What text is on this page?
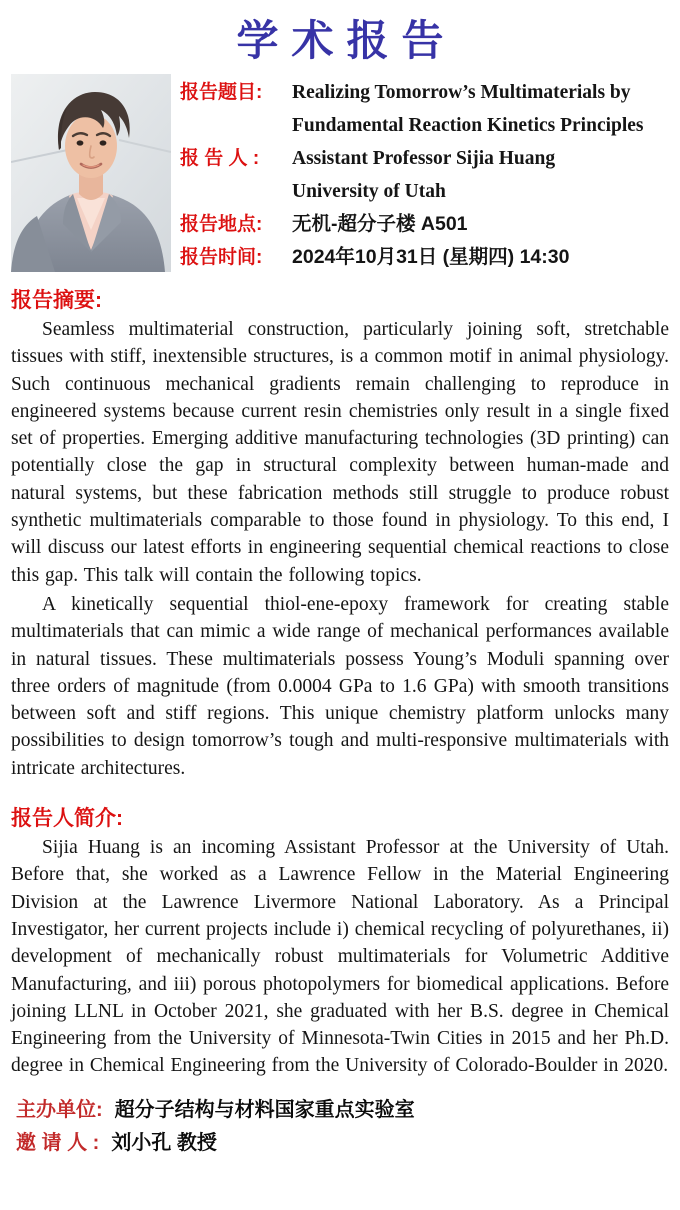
学术报告
报告题目:	Realizing Tomorrow’s Multimaterials by
Fundamental Reaction Kinetics Principles
报 告 人 :	Assistant Professor Sijia Huang
University of Utah
报告地点:	无机-超分子楼 A501
报告时间:	2024年10月31日 (星期四) 14:30
报告摘要:

Seamless multimaterial construction, particularly joining soft, stretchable tissues with stiff, inextensible structures, is a common motif in animal physiology. Such continuous mechanical gradients remain challenging to reproduce in engineered systems because current resin chemistries only result in a single fixed set of properties. Emerging additive manufacturing technologies (3D printing) can potentially close the gap in structural complexity between human-made and natural systems, but these fabrication methods still struggle to produce robust synthetic multimaterials comparable to those found in physiology. To this end, I will discuss our latest efforts in engineering sequential chemical reactions to close this gap. This talk will contain the following topics.

A kinetically sequential thiol-ene-epoxy framework for creating stable multimaterials that can mimic a wide range of mechanical performances available in natural tissues. These multimaterials possess Young’s Moduli spanning over three orders of magnitude (from 0.0004 GPa to 1.6 GPa) with smooth transitions between soft and stiff regions. This unique chemistry platform unlocks many possibilities to design tomorrow’s tough and multi-responsive multimaterials with intricate architectures.

报告人简介:

Sijia Huang is an incoming Assistant Professor at the University of Utah. Before that, she worked as a Lawrence Fellow in the Material Engineering Division at the Lawrence Livermore National Laboratory. As a Principal Investigator, her current projects include i) chemical recycling of polyurethanes, ii) development of mechanically robust multimaterials for Volumetric Additive Manufacturing, and iii) porous photopolymers for biomedical applications. Before joining LLNL in October 2021, she graduated with her B.S. degree in Chemical Engineering from the University of Minnesota-Twin Cities in 2015 and her Ph.D. degree in Chemical Engineering from the University of Colorado-Boulder in 2020.

主办单位: 超分子结构与材料国家重点实验室
邀 请 人 : 刘小孔 教授
